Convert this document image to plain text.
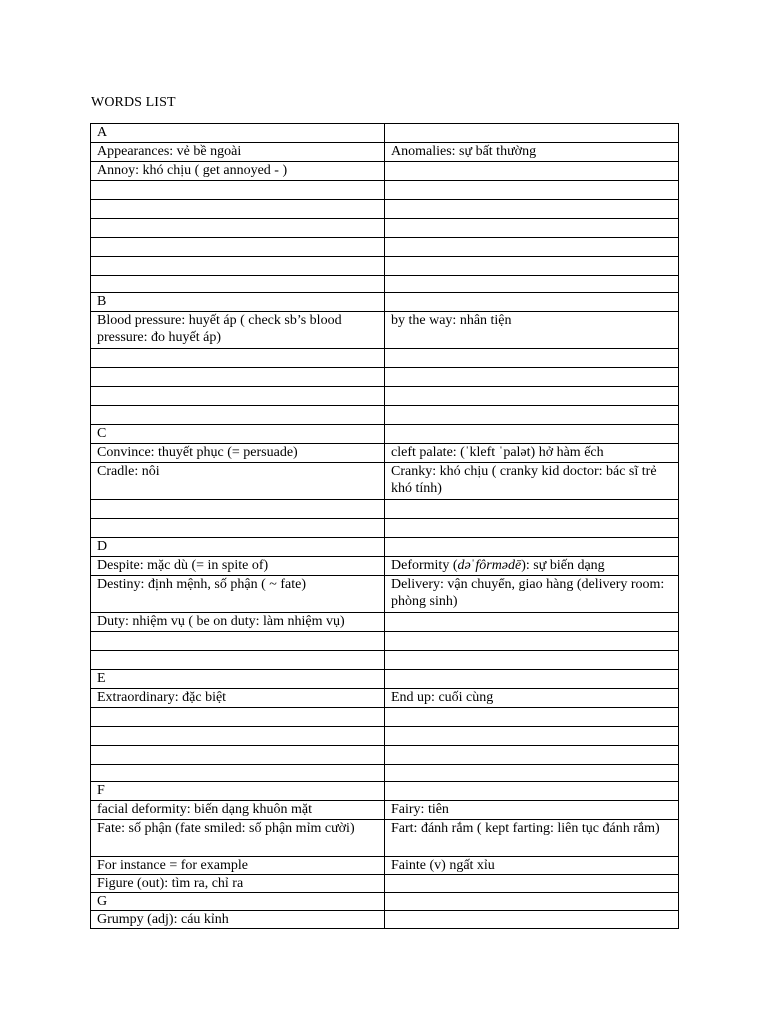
WORDS LIST
A	
Appearances: vẻ bề ngoài	Anomalies: sự bất thường
Annoy: khó chịu ( get annoyed - )	

B	
Blood pressure: huyết áp ( check sb’s blood pressure: đo huyết áp)	by the way: nhân tiện

C	
Convince: thuyết phục (= persuade)	cleft palate: (ˈkleft ˈpalət) hở hàm ếch
Cradle: nôi	Cranky: khó chịu ( cranky kid doctor: bác sĩ trẻ khó tính)

D	
Despite: mặc dù (= in spite of)	Deformity (dəˈfôrmədē): sự biến dạng
Destiny: định mệnh, số phận ( ~ fate)	Delivery: vận chuyển, giao hàng (delivery room: phòng sinh)
Duty: nhiệm vụ ( be on duty: làm nhiệm vụ)	

E	
Extraordinary: đặc biệt	End up: cuối cùng

F	
facial deformity: biến dạng khuôn mặt	Fairy: tiên
Fate: số phận (fate smiled: số phận mỉm cười)	Fart: đánh rắm ( kept farting: liên tục đánh rắm)
For instance = for example	Fainte (v) ngất xỉu
Figure (out): tìm ra, chỉ ra	
G	
Grumpy (adj): cáu kỉnh	
